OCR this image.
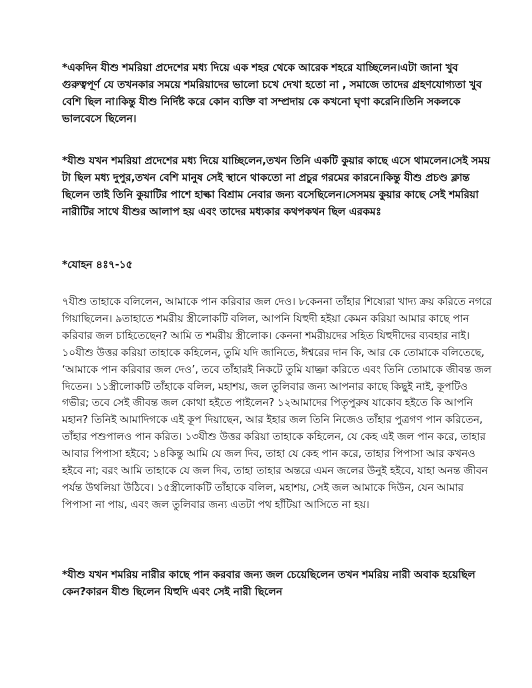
*একদিন যীশু শমরিয়া প্রদেশের মধ্য দিয়ে এক শহর থেকে আরেক শহরে যাচ্ছিলেন।এটা জানা খুব গুরুত্বপূর্ণ যে তখনকার সময়ে শমরিয়াদের ভালো চখে দেখা হতো না , সমাজে তাদের গ্রহণযোগ্যতা খুব বেশি ছিল না।কিন্তু যীশু নির্দিষ্ট করে কোন ব্যক্তি বা সম্প্রদায় কে কখনো ঘৃণা করেনি।তিনি সকলকে ভালবেসে ছিলেন।

*যীশু যখন শমরিয়া প্রদেশের মধ্য দিয়ে যাচ্ছিলেন,তখন তিনি একটি কুয়ার কাছে এসে থামলেন।সেই সময় টা ছিল মধ্য দুপুর,তখন বেশি মানুষ সেই স্থানে থাকতো না প্রচুর গরমের কারনে।কিন্তু যীশু প্রচণ্ড ক্লান্ত ছিলেন তাই তিনি কুয়াটির পাশে হাল্কা বিশ্রাম নেবার জন্য বসেছিলেন।সেসময় কুয়ার কাছে সেই শমরিয়া নারীটির সাথে যীশুর আলাপ হয় এবং তাদের মধ্যকার কথপকথন ছিল এরকমঃ

*যোহন ৪ঃ৭-১৫

৭যীশু তাহাকে বলিলেন, আমাকে পান করিবার জল দেও। ৮কেননা তাঁহার শিষ্যেরা খাদ্য ক্রয় করিতে নগরে গিয়াছিলেন। ৯তাহাতে শমরীয় স্ত্রীলোকটি বলিল, আপনি যিহুদী হইয়া কেমন করিয়া আমার কাছে পান করিবার জল চাহিতেছেন? আমি ত শমরীয় স্ত্রীলোক। কেননা শমরীয়দের সহিত যিহুদীদের ব্যবহার নাই। ১০যীশু উত্তর করিয়া তাহাকে কহিলেন, তুমি যদি জানিতে, ঈশ্বরের দান কি, আর কে তোমাকে বলিতেছে, ‘আমাকে পান করিবার জল দেও’, তবে তাঁহারই নিকটে তুমি যাচ্ঞা করিতে এবং তিনি তোমাকে জীবন্ত জল দিতেন। ১১স্ত্রীলোকটি তাঁহাকে বলিল, মহাশয়, জল তুলিবার জন্য আপনার কাছে কিছুই নাই, কূপটিও গভীর; তবে সেই জীবন্ত জল কোথা হইতে পাইলেন? ১২আমাদের পিতৃপুরুষ যাকোব হইতে কি আপনি মহান? তিনিই আমাদিগকে এই কূপ দিয়াছেন, আর ইহার জল তিনি নিজেও তাঁহার পুত্রগণ পান করিতেন, তাঁহার পশুপালও পান করিত। ১৩যীশু উত্তর করিয়া তাহাকে কহিলেন, যে কেহ এই জল পান করে, তাহার আবার পিপাসা হইবে; ১৪কিন্তু আমি যে জল দিব, তাহা যে কেহ পান করে, তাহার পিপাসা আর কখনও হইবে না; বরং আমি তাহাকে যে জল দিব, তাহা তাহার অন্তরে এমন জলের উনুই হইবে, যাহা অনন্ত জীবন পর্যন্ত উথলিয়া উঠিবে। ১৫স্ত্রীলোকটি তাঁহাকে বলিল, মহাশয়, সেই জল আমাকে দিউন, যেন আমার পিপাসা না পায়, এবং জল তুলিবার জন্য এতটা পথ হাঁটিয়া আসিতে না হয়।

*যীশু যখন শমরিয় নারীর কাছে পান করবার জন্য জল চেয়েছিলেন তখন শমরিয় নারী অবাক হয়েছিল কেন?কারন যীশু ছিলেন যিহুদি এবং সেই নারী ছিলেন
